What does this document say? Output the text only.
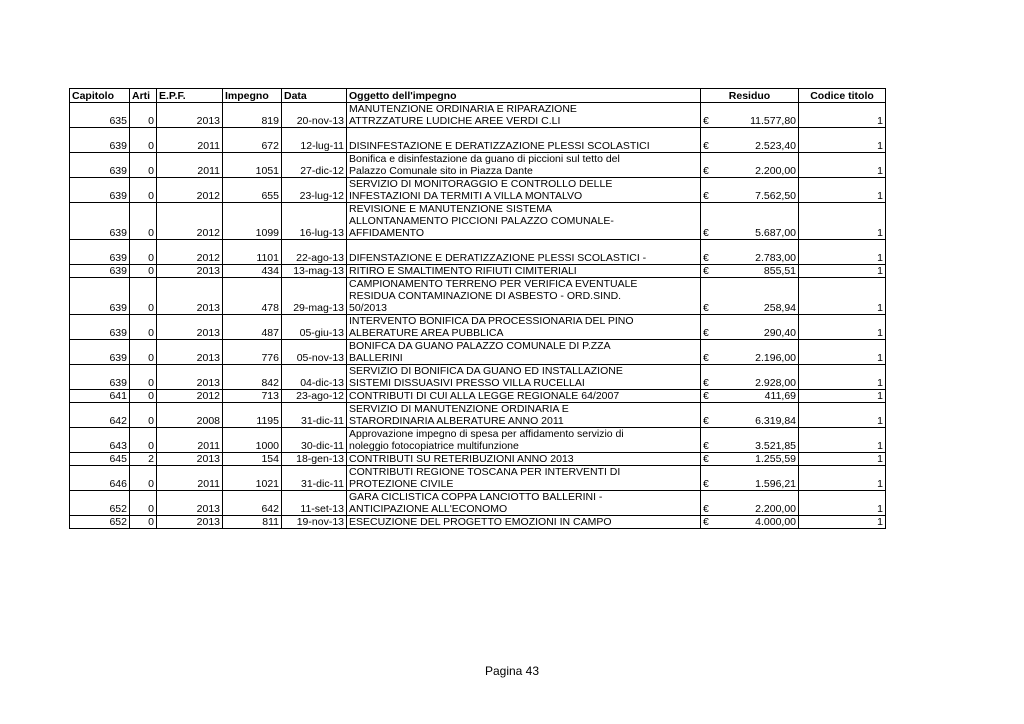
Capitolo	Arti	E.P.F.	Impegno	Data	Oggetto dell'impegno	Residuo		Codice titolo
635	0	2013	819	20-nov-13	MANUTENZIONE ORDINARIA E RIPARAZIONE
ATTRZZATURE LUDICHE AREE VERDI C.LI	€	11.577,80	1
639	0	2011	672	12-lug-11	DISINFESTAZIONE E DERATIZZAZIONE PLESSI SCOLASTICI	€	2.523,40	1
639	0	2011	1051	27-dic-12	Bonifica e disinfestazione da guano di piccioni sul tetto del
Palazzo Comunale sito in Piazza Dante	€	2.200,00	1
639	0	2012	655	23-lug-12	SERVIZIO DI MONITORAGGIO E CONTROLLO DELLE
INFESTAZIONI DA TERMITI A VILLA MONTALVO	€	7.562,50	1
639	0	2012	1099	16-lug-13	REVISIONE E MANUTENZIONE SISTEMA
ALLONTANAMENTO PICCIONI PALAZZO COMUNALE-
AFFIDAMENTO	€	5.687,00	1
639	0	2012	1101	22-ago-13	DIFENSTAZIONE E DERATIZZAZIONE PLESSI SCOLASTICI -	€	2.783,00	1
639	0	2013	434	13-mag-13	RITIRO E SMALTIMENTO RIFIUTI CIMITERIALI	€	855,51	1
639	0	2013	478	29-mag-13	CAMPIONAMENTO TERRENO PER VERIFICA EVENTUALE
RESIDUA CONTAMINAZIONE DI ASBESTO - ORD.SIND.
50/2013	€	258,94	1
639	0	2013	487	05-giu-13	INTERVENTO BONIFICA DA PROCESSIONARIA DEL PINO
ALBERATURE AREA PUBBLICA	€	290,40	1
639	0	2013	776	05-nov-13	BONIFCA DA GUANO PALAZZO COMUNALE DI P.ZZA
BALLERINI	€	2.196,00	1
639	0	2013	842	04-dic-13	SERVIZIO DI BONIFICA DA GUANO ED INSTALLAZIONE
SISTEMI DISSUASIVI PRESSO VILLA RUCELLAI	€	2.928,00	1
641	0	2012	713	23-ago-12	CONTRIBUTI DI CUI ALLA LEGGE REGIONALE 64/2007	€	411,69	1
642	0	2008	1195	31-dic-11	SERVIZIO DI MANUTENZIONE ORDINARIA E
STARORDINARIA ALBERATURE ANNO 2011	€	6.319,84	1
643	0	2011	1000	30-dic-11	Approvazione impegno di spesa per affidamento servizio di
noleggio fotocopiatrice multifunzione	€	3.521,85	1
645	2	2013	154	18-gen-13	CONTRIBUTI SU RETERIBUZIONI ANNO 2013	€	1.255,59	1
646	0	2011	1021	31-dic-11	CONTRIBUTI REGIONE TOSCANA PER INTERVENTI DI
PROTEZIONE CIVILE	€	1.596,21	1
652	0	2013	642	11-set-13	GARA CICLISTICA COPPA LANCIOTTO BALLERINI -
ANTICIPAZIONE ALL'ECONOMO	€	2.200,00	1
652	0	2013	811	19-nov-13	ESECUZIONE DEL PROGETTO EMOZIONI IN CAMPO	€	4.000,00	1
Pagina 43
